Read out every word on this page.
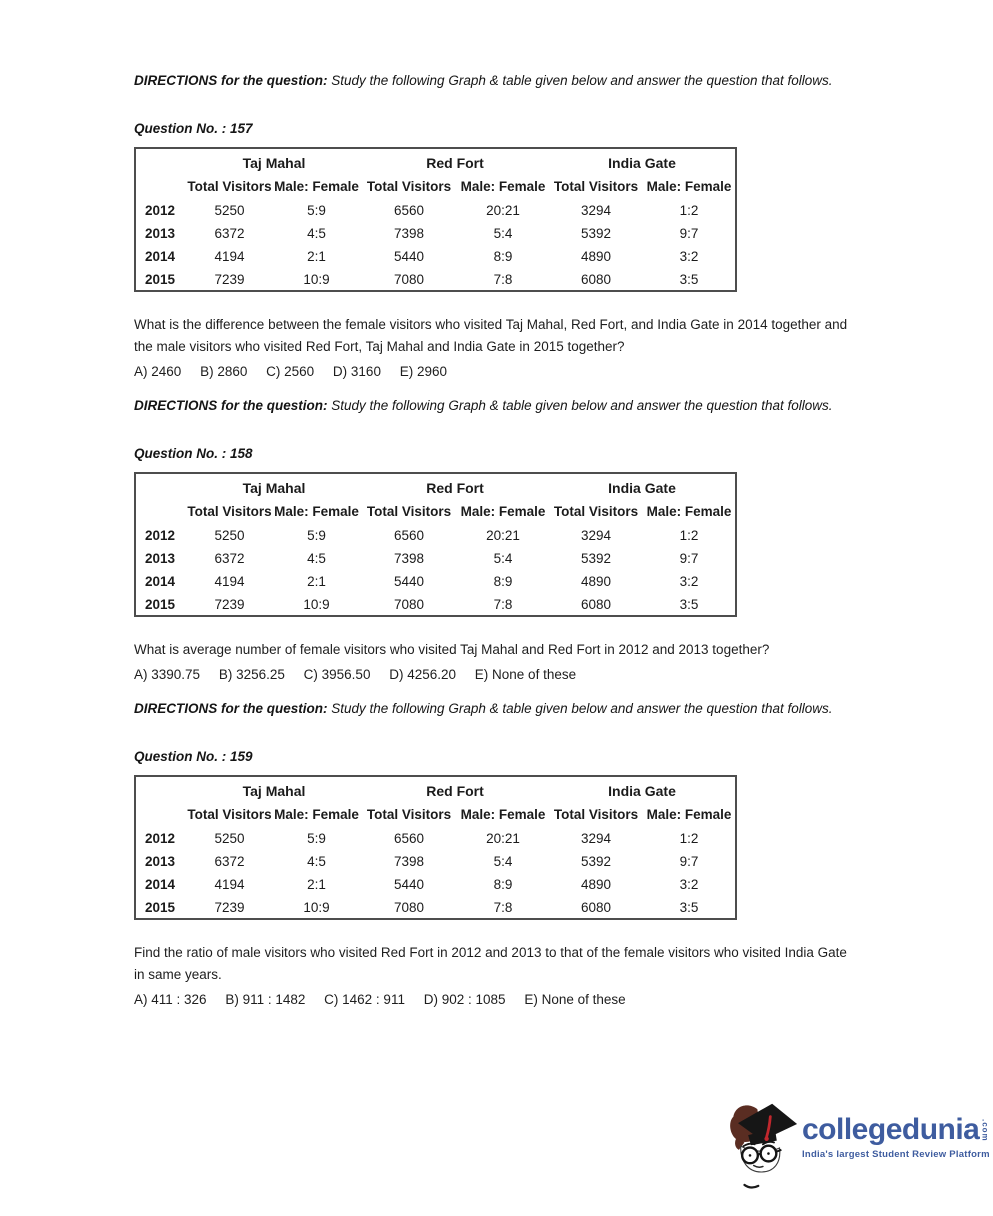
DIRECTIONS for the question: Study the following Graph & table given below and answer the question that follows.

Question No. : 157

	Taj Mahal		Red Fort		India Gate	
	Total Visitors	Male: Female	Total Visitors	Male: Female	Total Visitors	Male: Female
2012	5250	5:9	6560	20:21	3294	1:2
2013	6372	4:5	7398	5:4	5392	9:7
2014	4194	2:1	5440	8:9	4890	3:2
2015	7239	10:9	7080	7:8	6080	3:5

What is the difference between the female visitors who visited Taj Mahal, Red Fort, and India Gate in 2014 together and the male visitors who visited Red Fort, Taj Mahal and India Gate in 2015 together?

A) 2460 B) 2860 C) 2560 D) 3160 E) 2960

DIRECTIONS for the question: Study the following Graph & table given below and answer the question that follows.

Question No. : 158

	Taj Mahal		Red Fort		India Gate	
	Total Visitors	Male: Female	Total Visitors	Male: Female	Total Visitors	Male: Female
2012	5250	5:9	6560	20:21	3294	1:2
2013	6372	4:5	7398	5:4	5392	9:7
2014	4194	2:1	5440	8:9	4890	3:2
2015	7239	10:9	7080	7:8	6080	3:5

What is average number of female visitors who visited Taj Mahal and Red Fort in 2012 and 2013 together?

A) 3390.75 B) 3256.25 C) 3956.50 D) 4256.20 E) None of these

DIRECTIONS for the question: Study the following Graph & table given below and answer the question that follows.

Question No. : 159

	Taj Mahal		Red Fort		India Gate	
	Total Visitors	Male: Female	Total Visitors	Male: Female	Total Visitors	Male: Female
2012	5250	5:9	6560	20:21	3294	1:2
2013	6372	4:5	7398	5:4	5392	9:7
2014	4194	2:1	5440	8:9	4890	3:2
2015	7239	10:9	7080	7:8	6080	3:5

Find the ratio of male visitors who visited Red Fort in 2012 and 2013 to that of the female visitors who visited India Gate in same years.

A) 411 : 326 B) 911 : 1482 C) 1462 : 911 D) 902 : 1085 E) None of these

collegedunia .com
India's largest Student Review Platform
